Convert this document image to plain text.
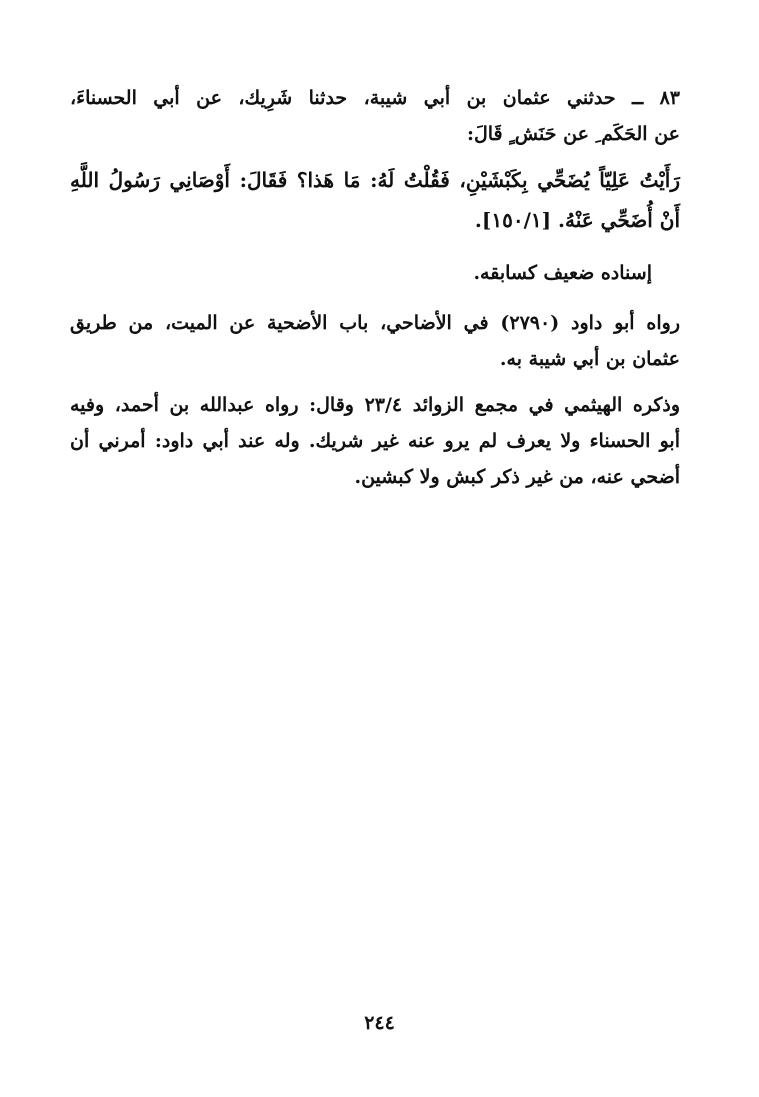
٨٣ ــ حدثني عثمان بن أبي شيبة، حدثنا شَرِيك، عن أبي الحسناءَ،
عن الحَكَم ِ عن حَنَش ٍ قَالَ:
رَأَيْتُ عَلِيّاً يُضَحِّي بِكَبْشَيْنِ، فَقُلْتُ لَهُ: مَا هَذا؟ فَقَالَ: أَوْصَانِي رَسُولُ اللَّهِ
أَنْ أُضَحِّي عَنْهُ. [١٥٠/١].
إسناده ضعيف كسابقه.
رواه أبو داود (٢٧٩٠) في الأضاحي، باب الأضحية عن الميت، من طريق
عثمان بن أبي شيبة به.
وذكره الهيثمي في مجمع الزوائد ٢٣/٤ وقال: رواه عبدالله بن أحمد، وفيه
أبو الحسناء ولا يعرف لم يرو عنه غير شريك. وله عند أبي داود: أمرني أن
أضحي عنه، من غير ذكر كبش ولا كبشين.
٢٤٤
